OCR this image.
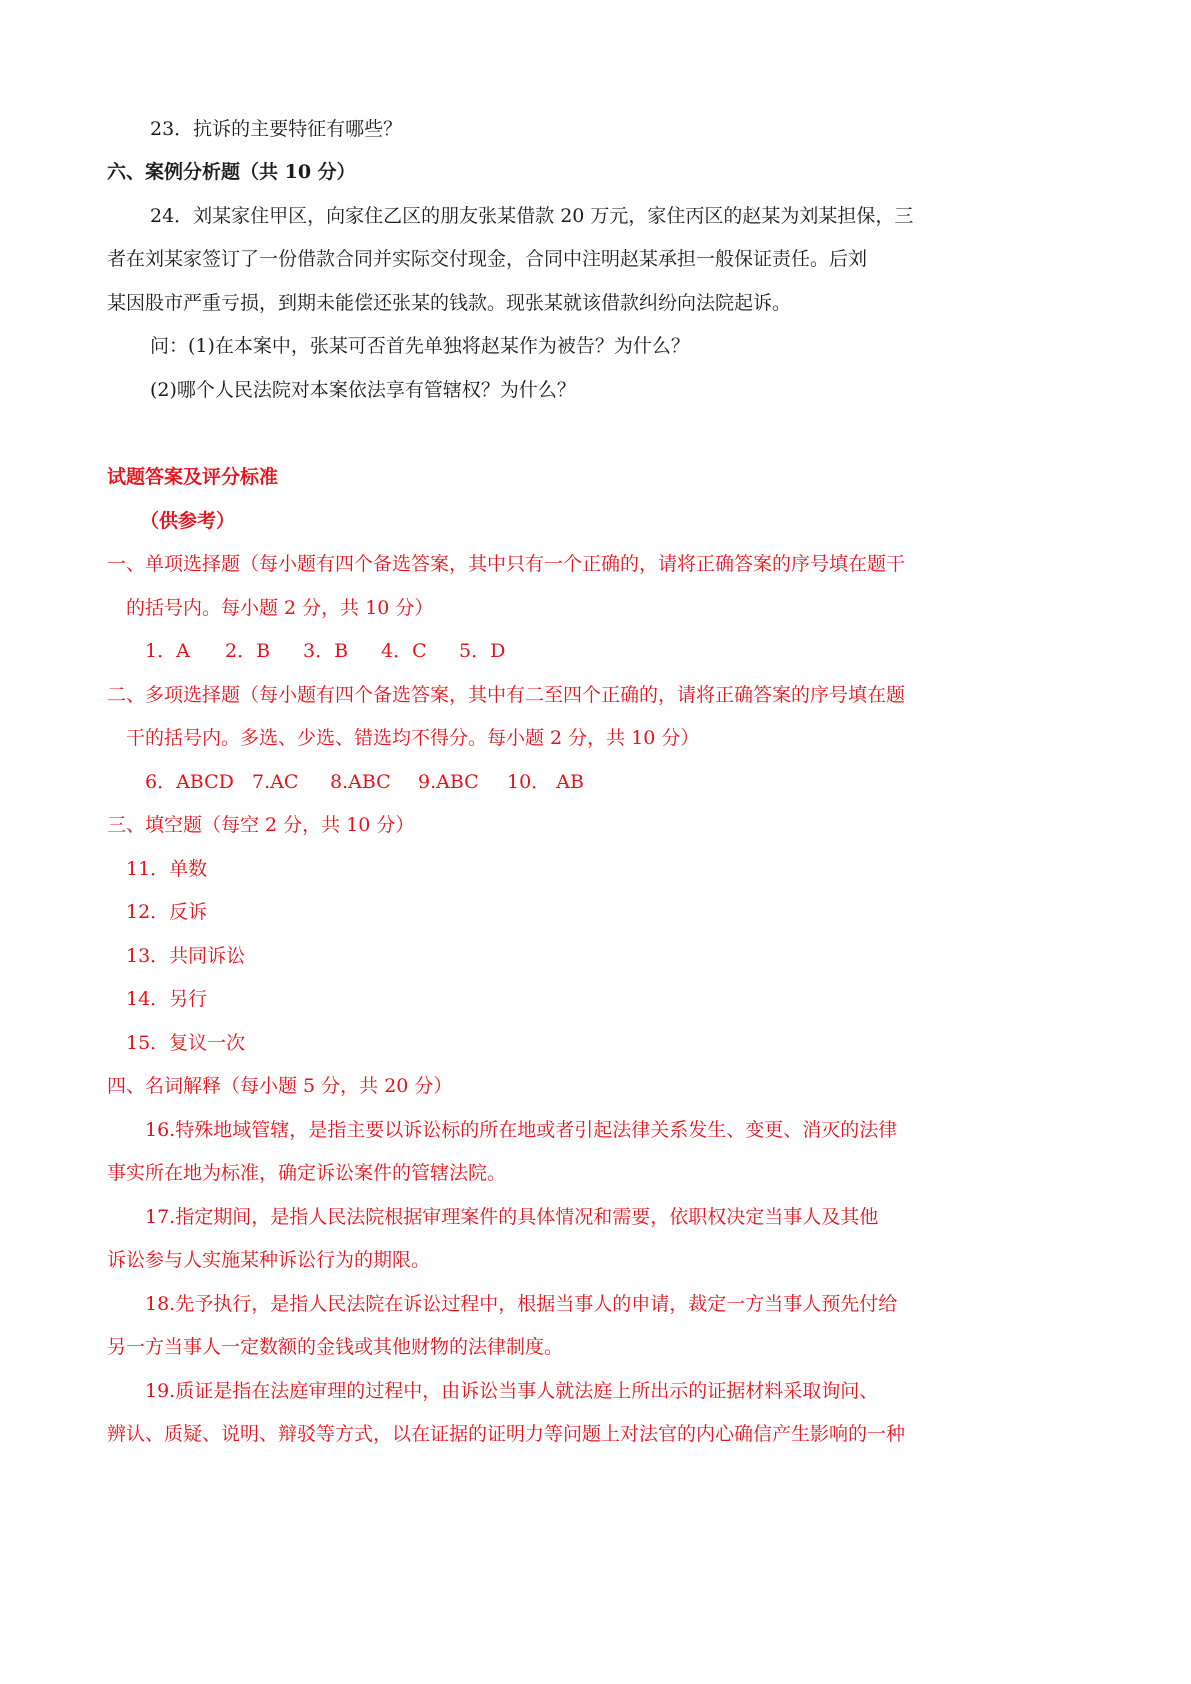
23．抗诉的主要特征有哪些？

六、案例分析题（共 10 分）

24．刘某家住甲区，向家住乙区的朋友张某借款 20 万元，家住丙区的赵某为刘某担保，三

者在刘某家签订了一份借款合同并实际交付现金，合同中注明赵某承担一般保证责任。后刘

某因股市严重亏损，到期未能偿还张某的钱款。现张某就该借款纠纷向法院起诉。

问：(1)在本案中，张某可否首先单独将赵某作为被告？为什么？

(2)哪个人民法院对本案依法享有管辖权？为什么？

试题答案及评分标准

（供参考）

一、单项选择题（每小题有四个备选答案，其中只有一个正确的，请将正确答案的序号填在题干

的括号内。每小题 2 分，共 10 分）

1．A 2．B 3．B 4．C 5．D

二、多项选择题（每小题有四个备选答案，其中有二至四个正确的，请将正确答案的序号填在题

干的括号内。多选、少选、错选均不得分。每小题 2 分，共 10 分）

6．ABCD 7.AC 8.ABC 9.ABC 10． AB

三、填空题（每空 2 分，共 10 分）

11．单数

12．反诉

13．共同诉讼

14．另行

15．复议一次

四、名词解释（每小题 5 分，共 20 分）

16.特殊地域管辖，是指主要以诉讼标的所在地或者引起法律关系发生、变更、消灭的法律

事实所在地为标准，确定诉讼案件的管辖法院。

17.指定期间，是指人民法院根据审理案件的具体情况和需要，依职权决定当事人及其他

诉讼参与人实施某种诉讼行为的期限。

18.先予执行，是指人民法院在诉讼过程中，根据当事人的申请，裁定一方当事人预先付给

另一方当事人一定数额的金钱或其他财物的法律制度。

19.质证是指在法庭审理的过程中，由诉讼当事人就法庭上所出示的证据材料采取询问、

辨认、质疑、说明、辩驳等方式，以在证据的证明力等问题上对法官的内心确信产生影响的一种
